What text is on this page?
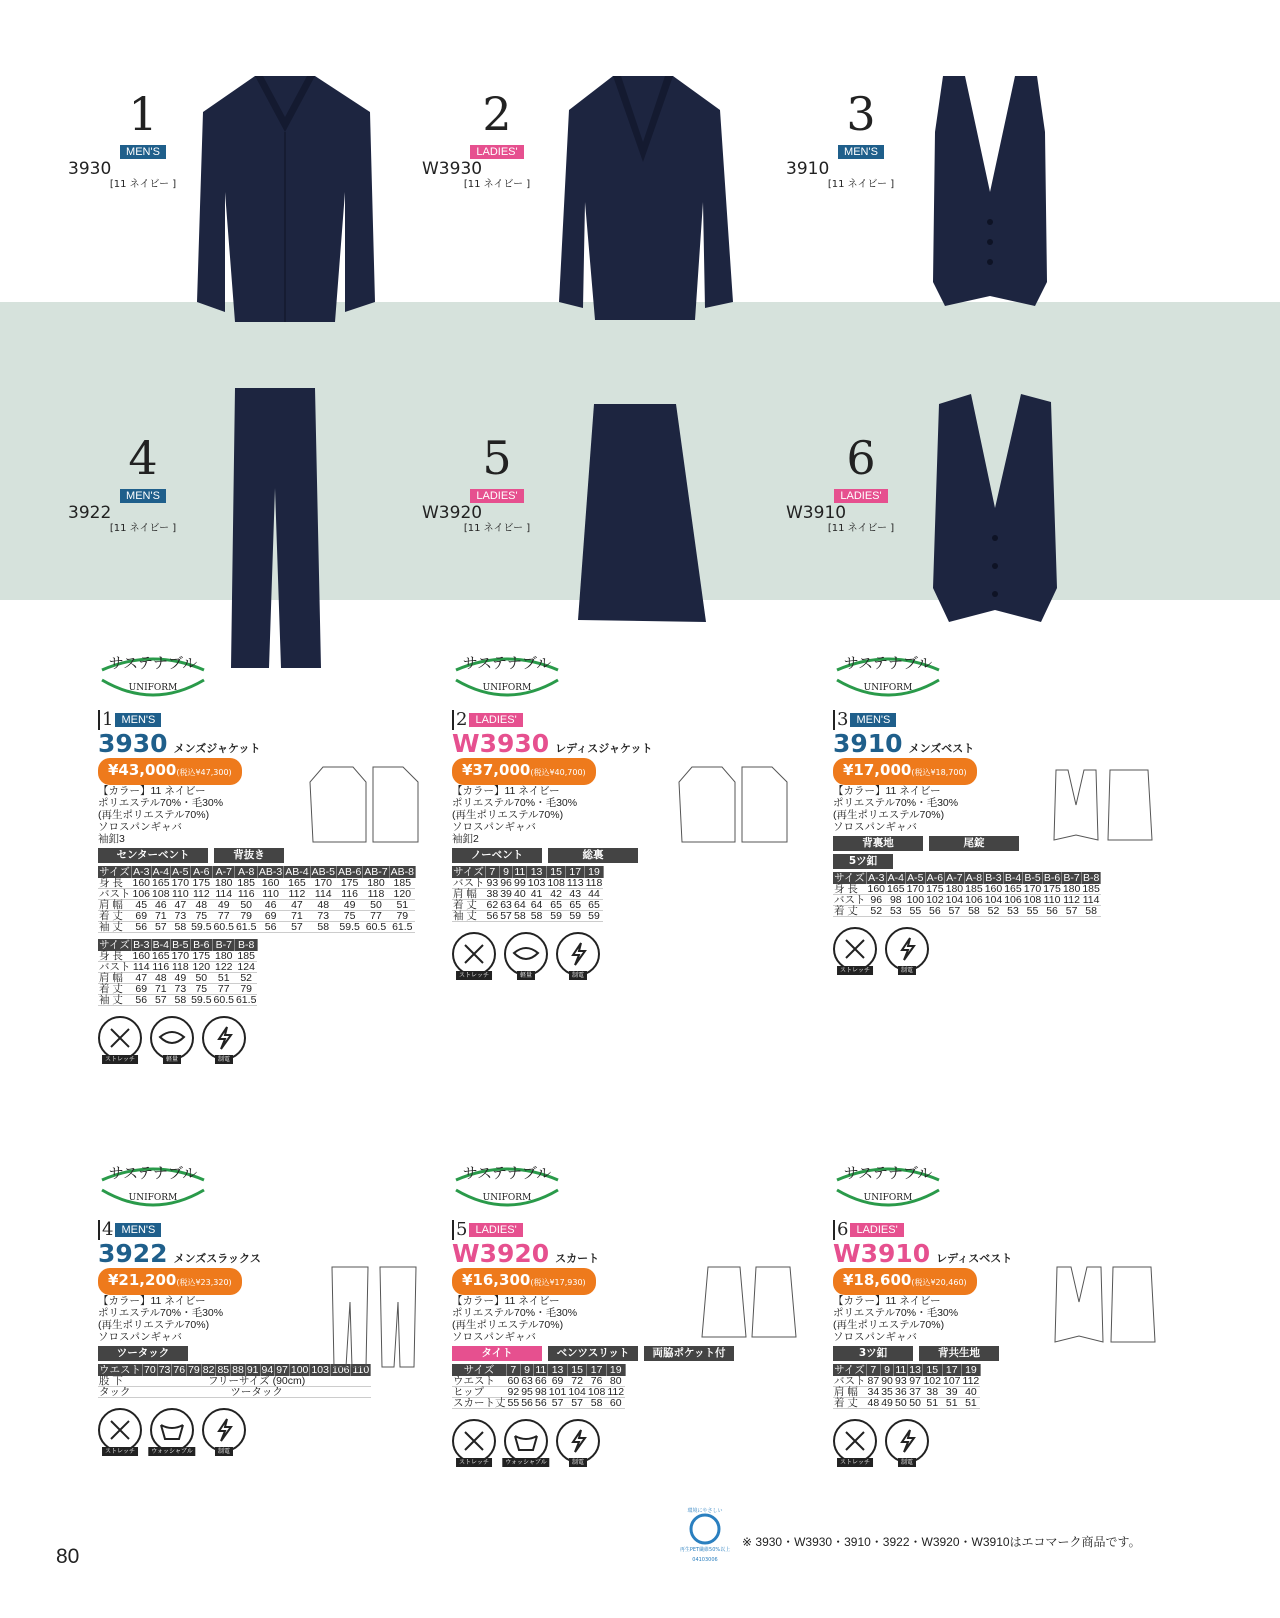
1
MEN'S
3930
[11 ネイビー ]
2
LADIES'
W3930
[11 ネイビー ]
3
MEN'S
3910
[11 ネイビー ]
4
MEN'S
3922
[11 ネイビー ]
5
LADIES'
W3920
[11 ネイビー ]
6
LADIES'
W3910
[11 ネイビー ]
サステナブル
UNIFORM
1 MEN'S
3930 メンズジャケット
¥43,000(税込¥47,300)
【カラー】11 ネイビー
ポリエステル70%・毛30%
(再生ポリエステル70%)
ソロスパンギャバ
袖釦3
センターベント	背抜き
サイズ	A-3	A-4	A-5	A-6	A-7	A-8	AB-3	AB-4	AB-5	AB-6	AB-7	AB-8
身 長	160	165	170	175	180	185	160	165	170	175	180	185
バスト	106	108	110	112	114	116	110	112	114	116	118	120
肩 幅	45	46	47	48	49	50	46	47	48	49	50	51
着 丈	69	71	73	75	77	79	69	71	73	75	77	79
袖 丈	56	57	58	59.5	60.5	61.5	56	57	58	59.5	60.5	61.5
サイズ	B-3	B-4	B-5	B-6	B-7	B-8
身 長	160	165	170	175	180	185
バスト	114	116	118	120	122	124
肩 幅	47	48	49	50	51	52
着 丈	69	71	73	75	77	79
袖 丈	56	57	58	59.5	60.5	61.5
ストレッチ	軽量	制電
サステナブル
UNIFORM
2 LADIES'
W3930 レディスジャケット
¥37,000(税込¥40,700)
【カラー】11 ネイビー
ポリエステル70%・毛30%
(再生ポリエステル70%)
ソロスパンギャバ
袖釦2
ノーベント	総裏
サイズ	7	9	11	13	15	17	19
バスト	93	96	99	103	108	113	118
肩 幅	38	39	40	41	42	43	44
着 丈	62	63	64	64	65	65	65
袖 丈	56	57	58	58	59	59	59
ストレッチ	軽量	制電
サステナブル
UNIFORM
3 MEN'S
3910 メンズベスト
¥17,000(税込¥18,700)
【カラー】11 ネイビー
ポリエステル70%・毛30%
(再生ポリエステル70%)
ソロスパンギャバ
背裏地	尾錠
5ツ釦
サイズ	A-3	A-4	A-5	A-6	A-7	A-8	B-3	B-4	B-5	B-6	B-7	B-8
身 長	160	165	170	175	180	185	160	165	170	175	180	185
バスト	96	98	100	102	104	106	104	106	108	110	112	114
着 丈	52	53	55	56	57	58	52	53	55	56	57	58
ストレッチ	制電
サステナブル
UNIFORM
4 MEN'S
3922 メンズスラックス
¥21,200(税込¥23,320)
【カラー】11 ネイビー
ポリエステル70%・毛30%
(再生ポリエステル70%)
ソロスパンギャバ
ツータック
ウエスト	70	73	76	79	82	85	88	91	94	97	100	103	106	110
股 下	フリーサイズ (90cm)													
タック	ツータック													
ストレッチ	ウォッシャブル	制電
サステナブル
UNIFORM
5 LADIES'
W3920 スカート
¥16,300(税込¥17,930)
【カラー】11 ネイビー
ポリエステル70%・毛30%
(再生ポリエステル70%)
ソロスパンギャバ
タイト	ベンツスリット	両脇ポケット付
サイズ	7	9	11	13	15	17	19
ウエスト	60	63	66	69	72	76	80
ヒップ	92	95	98	101	104	108	112
スカート丈	55	56	56	57	57	58	60
ストレッチ	ウォッシャブル	制電
サステナブル
UNIFORM
6 LADIES'
W3910 レディスベスト
¥18,600(税込¥20,460)
【カラー】11 ネイビー
ポリエステル70%・毛30%
(再生ポリエステル70%)
ソロスパンギャバ
3ツ釦	背共生地
サイズ	7	9	11	13	15	17	19
バスト	87	90	93	97	102	107	112
肩 幅	34	35	36	37	38	39	40
着 丈	48	49	50	50	51	51	51
ストレッチ	制電
環境にやさしい
再生PET繊維50%以上
04103006
※ 3930・W3930・3910・3922・W3920・W3910はエコマーク商品です。
80
